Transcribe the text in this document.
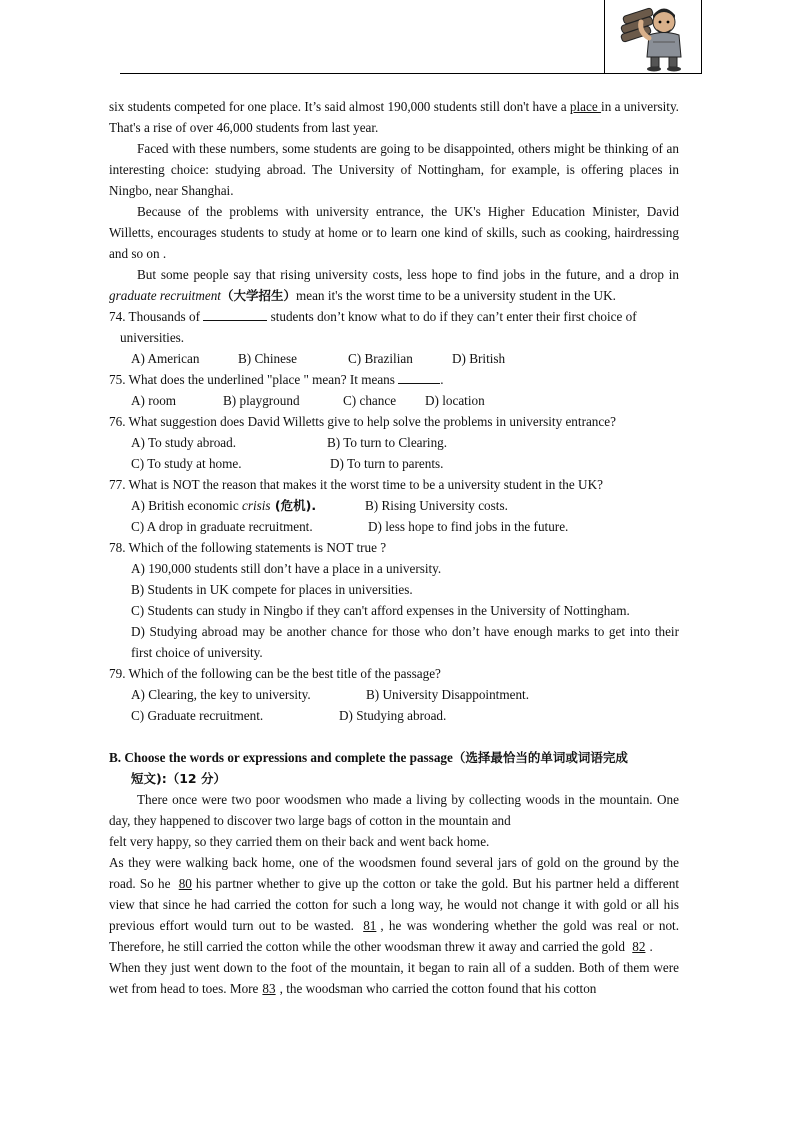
six students competed for one place. It’s said almost 190,000 students still don't have a place in a university. That's a rise of over 46,000 students from last year.

Faced with these numbers, some students are going to be disappointed, others might be thinking of an interesting choice: studying abroad. The University of Nottingham, for example, is offering places in Ningbo, near Shanghai.

Because of the problems with university entrance, the UK's Higher Education Minister, David Willetts, encourages students to study at home or to learn one kind of skills, such as cooking, hairdressing and so on .

But some people say that rising university costs, less hope to find jobs in the future, and a drop in graduate recruitment（大学招生）mean it's the worst time to be a university student in the UK.

74. Thousands of	students don’t know what to do if they can’t enter their first choice of

universities.

A) American	B) Chinese	C) Brazilian	D) British

75. What does the underlined "place " mean? It means	.

A) room	B) playground	C) chance D) location

76. What suggestion does David Willetts give to help solve the problems in university entrance?

A) To study abroad.	B) To turn to Clearing.

C) To study at home.	D) To turn to parents.

77. What is NOT the reason that makes it the worst time to be a university student in the UK?

A) British economic crisis (危机).	B) Rising University costs.

C) A drop in graduate recruitment.	D) less hope to find jobs in the future.

78. Which of the following statements is NOT true ?

A) 190,000 students still don’t have a place in a university.

B) Students in UK compete for places in universities.

C) Students can study in Ningbo if they can't afford expenses in the University of Nottingham.

D) Studying abroad may be another chance for those who don’t have enough marks to get into their first choice of university.

79. Which of the following can be the best title of the passage?

A) Clearing, the key to university.	B) University Disappointment.

C) Graduate recruitment.	D) Studying abroad.

B. Choose the words or expressions and complete the passage（选择最恰当的单词或词语完成

短文):（12 分）

There once were two poor woodsmen who made a living by collecting woods in the mountain. One day, they happened to discover two large bags of cotton in the mountain and

felt very happy, so they carried them on their back and went back home.

As they were walking back home, one of the woodsmen found several jars of gold on the ground by the road. So he 80 his partner whether to give up the cotton or take the gold. But his partner held a different view that since he had carried the cotton for such a long way, he would not change it with gold or all his previous effort would turn out to be wasted. 81 , he was wondering whether the gold was real or not. Therefore, he still carried the cotton while the other woodsman threw it away and carried the gold 82 .

When they just went down to the foot of the mountain, it began to rain all of a sudden. Both of them were wet from head to toes. More 83 , the woodsman who carried the cotton found that his cotton
